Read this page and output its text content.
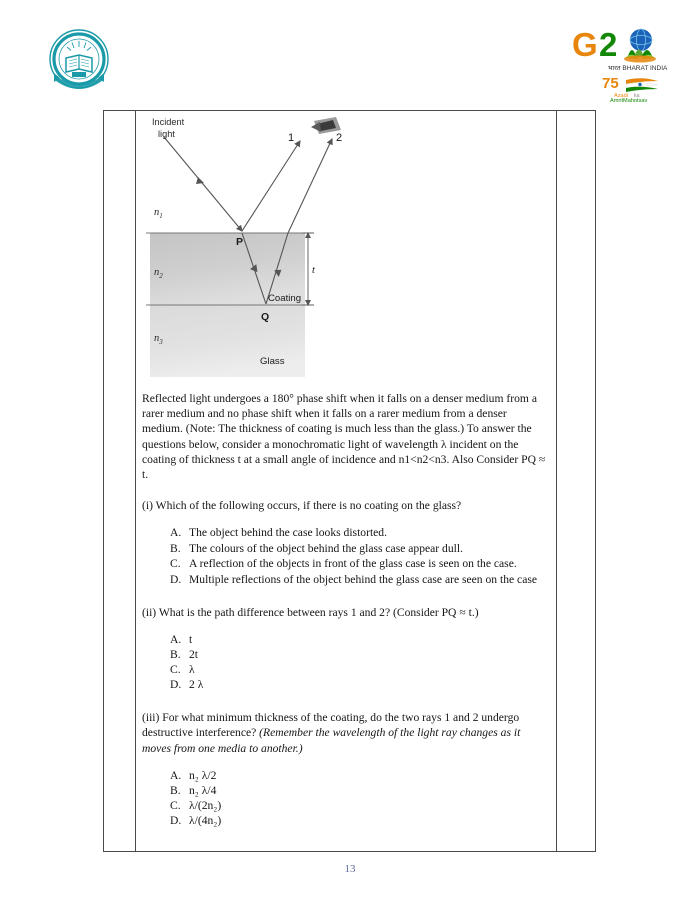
G 2
भारत BHARAT INDIA
75
Azadi ka
AmritMahotsav
Incident
light	1	2
$n_1$
$n_2$
$n_3$
P
Q
Coating
Glass
t

Reflected light undergoes a 180° phase shift when it falls on a denser medium from a rarer medium and no phase shift when it falls on a rarer medium from a denser medium. (Note: The thickness of coating is much less than the glass.) To answer the questions below, consider a monochromatic light of wavelength λ incident on the coating of thickness t at a small angle of incidence and n1<n2<n3. Also Consider PQ ≈ t.

(i) Which of the following occurs, if there is no coating on the glass?

A. The object behind the case looks distorted.
B. The colours of the object behind the glass case appear dull.
C. A reflection of the objects in front of the glass case is seen on the case.
D. Multiple reflections of the object behind the glass case are seen on the case

(ii) What is the path difference between rays 1 and 2? (Consider PQ ≈ t.)

A. t
B. 2t
C. λ
D. 2 λ

(iii) For what minimum thickness of the coating, do the two rays 1 and 2 undergo destructive interference? (Remember the wavelength of the light ray changes as it moves from one media to another.)

A. n₂ λ/2
B. n₂ λ/4
C. λ/(2n₂)
D. λ/(4n₂)
13
